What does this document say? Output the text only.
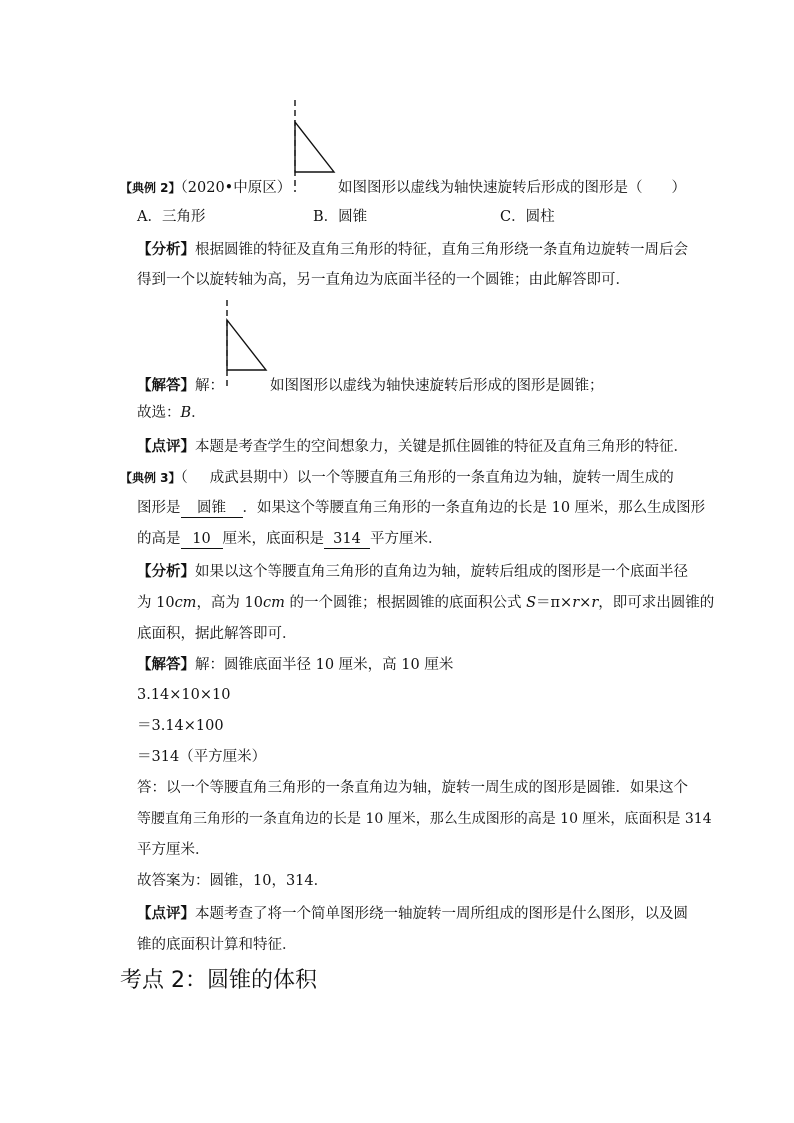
【典例 2】（2020•中原区）	如图图形以虚线为轴快速旋转后形成的图形是（　　）
A．三角形	B．圆锥	C．圆柱
【分析】根据圆锥的特征及直角三角形的特征，直角三角形绕一条直角边旋转一周后会
得到一个以旋转轴为高，另一直角边为底面半径的一个圆锥；由此解答即可．
【解答】解：	如图图形以虚线为轴快速旋转后形成的图形是圆锥；
故选：B．
【点评】本题是考查学生的空间想象力，关键是抓住圆锥的特征及直角三角形的特征．
【典例 3】（ 成武县期中）以一个等腰直角三角形的一条直角边为轴，旋转一周生成的
图形是 圆锥 ．如果这个等腰直角三角形的一条直角边的长是 10 厘米，那么生成图形
的高是 10 厘米，底面积是 314 平方厘米．
【分析】如果以这个等腰直角三角形的直角边为轴，旋转后组成的图形是一个底面半径
为 10cm，高为 10cm 的一个圆锥；根据圆锥的底面积公式 S＝π×r×r，即可求出圆锥的
底面积，据此解答即可．
【解答】解：圆锥底面半径 10 厘米，高 10 厘米
3.14×10×10
＝3.14×100
＝314（平方厘米）
答：以一个等腰直角三角形的一条直角边为轴，旋转一周生成的图形是圆锥．如果这个
等腰直角三角形的一条直角边的长是 10 厘米，那么生成图形的高是 10 厘米，底面积是 314
平方厘米．
故答案为：圆锥，10，314．
【点评】本题考查了将一个简单图形绕一轴旋转一周所组成的图形是什么图形，以及圆
锥的底面积计算和特征．
考点 2：圆锥的体积
